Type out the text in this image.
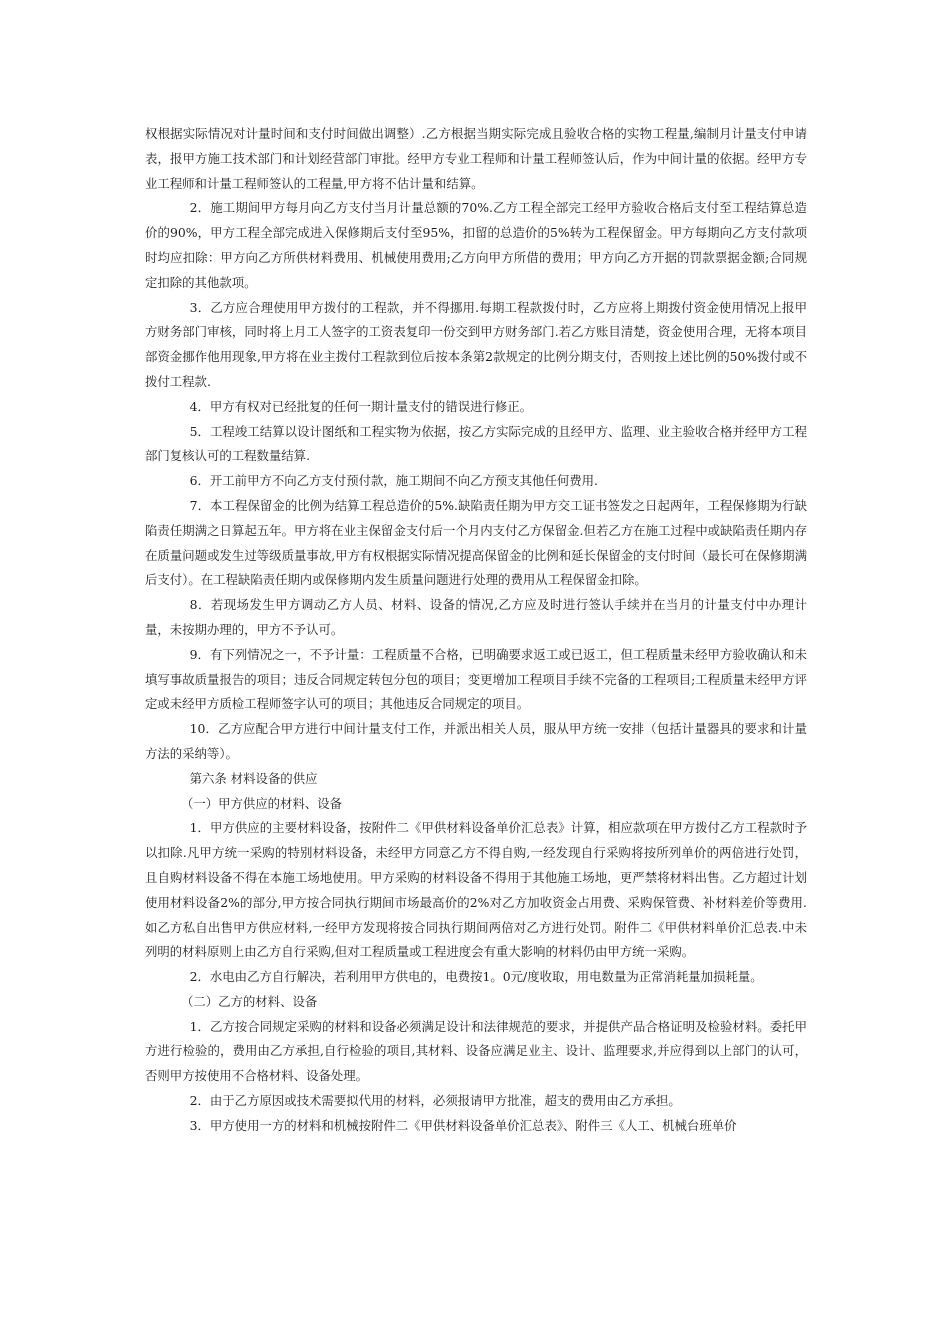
权根据实际情况对计量时间和支付时间做出调整）.乙方根据当期实际完成且验收合格的实物工程量,编制月计量支付申请表，报甲方施工技术部门和计划经营部门审批。经甲方专业工程师和计量工程师签认后，作为中间计量的依据。经甲方专业工程师和计量工程师签认的工程量,甲方将不估计量和结算。

2．施工期间甲方每月向乙方支付当月计量总额的70%.乙方工程全部完工经甲方验收合格后支付至工程结算总造价的90%，甲方工程全部完成进入保修期后支付至95%，扣留的总造价的5%转为工程保留金。甲方每期向乙方支付款项时均应扣除：甲方向乙方所供材料费用、机械使用费用;乙方向甲方所借的费用；甲方向乙方开据的罚款票据金额;合同规定扣除的其他款项。

3．乙方应合理使用甲方拨付的工程款，并不得挪用.每期工程款拨付时，乙方应将上期拨付资金使用情况上报甲方财务部门审核，同时将上月工人签字的工资表复印一份交到甲方财务部门.若乙方账目清楚，资金使用合理，无将本项目部资金挪作他用现象,甲方将在业主拨付工程款到位后按本条第2款规定的比例分期支付，否则按上述比例的50%拨付或不拨付工程款.

4．甲方有权对已经批复的任何一期计量支付的错误进行修正。

5．工程竣工结算以设计图纸和工程实物为依据，按乙方实际完成的且经甲方、监理、业主验收合格并经甲方工程部门复核认可的工程数量结算.

6．开工前甲方不向乙方支付预付款，施工期间不向乙方预支其他任何费用.

7．本工程保留金的比例为结算工程总造价的5%.缺陷责任期为甲方交工证书签发之日起两年，工程保修期为行缺陷责任期满之日算起五年。甲方将在业主保留金支付后一个月内支付乙方保留金.但若乙方在施工过程中或缺陷责任期内存在质量问题或发生过等级质量事故,甲方有权根据实际情况提高保留金的比例和延长保留金的支付时间（最长可在保修期满后支付）。在工程缺陷责任期内或保修期内发生质量问题进行处理的费用从工程保留金扣除。

8．若现场发生甲方调动乙方人员、材料、设备的情况,乙方应及时进行签认手续并在当月的计量支付中办理计量，未按期办理的，甲方不予认可。

9．有下列情况之一，不予计量：工程质量不合格，已明确要求返工或已返工，但工程质量未经甲方验收确认和未填写事故质量报告的项目；违反合同规定转包分包的项目；变更增加工程项目手续不完备的工程项目;工程质量未经甲方评定或未经甲方质检工程师签字认可的项目；其他违反合同规定的项目。

10．乙方应配合甲方进行中间计量支付工作，并派出相关人员，服从甲方统一安排（包括计量器具的要求和计量方法的采纳等）。

第六条 材料设备的供应

（一）甲方供应的材料、设备

1．甲方供应的主要材料设备，按附件二《甲供材料设备单价汇总表》计算，相应款项在甲方拨付乙方工程款时予以扣除.凡甲方统一采购的特别材料设备，未经甲方同意乙方不得自购,一经发现自行采购将按所列单价的两倍进行处罚，且自购材料设备不得在本施工场地使用。甲方采购的材料设备不得用于其他施工场地，更严禁将材料出售。乙方超过计划使用材料设备2%的部分,甲方按合同执行期间市场最高价的2%对乙方加收资金占用费、采购保管费、补材料差价等费用.如乙方私自出售甲方供应材料,一经甲方发现将按合同执行期间两倍对乙方进行处罚。附件二《甲供材料单价汇总表.中未列明的材料原则上由乙方自行采购,但对工程质量或工程进度会有重大影响的材料仍由甲方统一采购。

2．水电由乙方自行解决，若利用甲方供电的，电费按1。0元/度收取，用电数量为正常消耗量加损耗量。

（二）乙方的材料、设备

1．乙方按合同规定采购的材料和设备必须满足设计和法律规范的要求，并提供产品合格证明及检验材料。委托甲方进行检验的，费用由乙方承担,自行检验的项目,其材料、设备应满足业主、设计、监理要求,并应得到以上部门的认可，否则甲方按使用不合格材料、设备处理。

2．由于乙方原因或技术需要拟代用的材料，必须报请甲方批准，超支的费用由乙方承担。

3．甲方使用一方的材料和机械按附件二《甲供材料设备单价汇总表》、附件三《人工、机械台班单价
